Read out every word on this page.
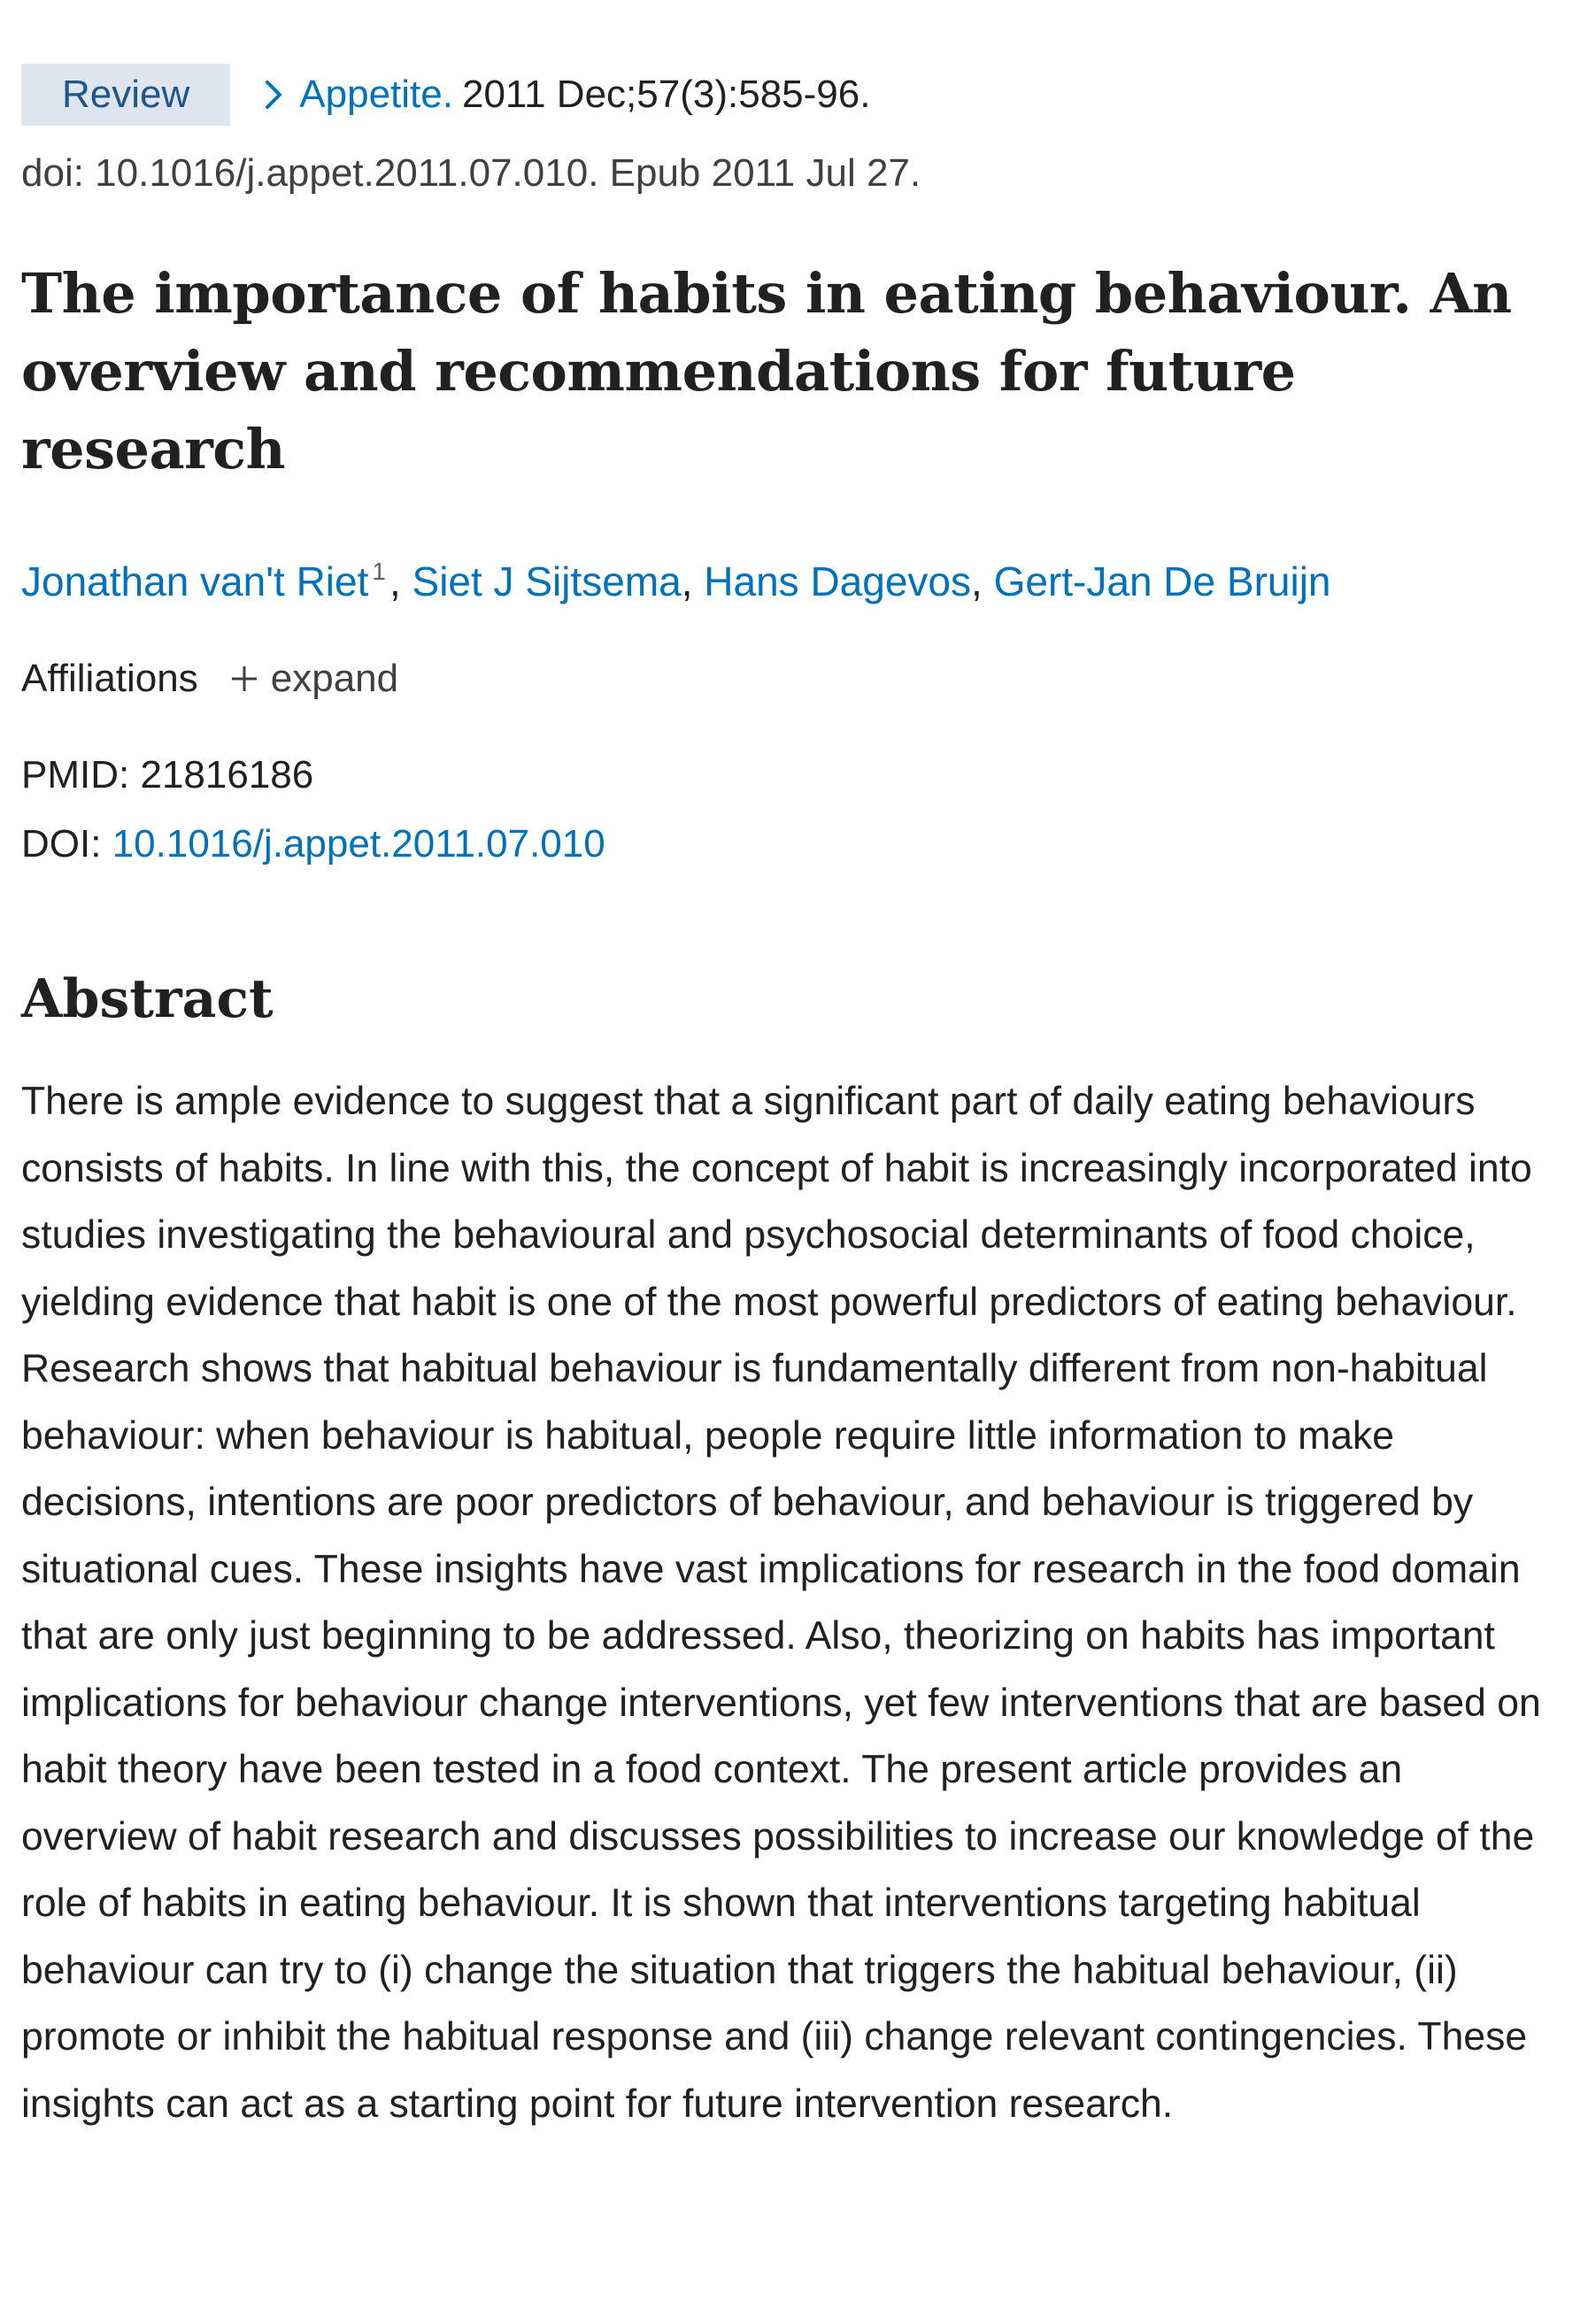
Review	Appetite. 2011 Dec;57(3):585-96.
doi: 10.1016/j.appet.2011.07.010. Epub 2011 Jul 27.
The importance of habits in eating behaviour. An overview and recommendations for future research
Jonathan van't Riet $^1$, Siet J Sijtsema, Hans Dagevos, Gert-Jan De Bruijn
Affiliations expand
PMID: 21816186
DOI: 10.1016/j.appet.2011.07.010
Abstract
There is ample evidence to suggest that a significant part of daily eating behaviours consists of habits. In line with this, the concept of habit is increasingly incorporated into studies investigating the behavioural and psychosocial determinants of food choice, yielding evidence that habit is one of the most powerful predictors of eating behaviour. Research shows that habitual behaviour is fundamentally different from non-habitual behaviour: when behaviour is habitual, people require little information to make decisions, intentions are poor predictors of behaviour, and behaviour is triggered by situational cues. These insights have vast implications for research in the food domain that are only just beginning to be addressed. Also, theorizing on habits has important implications for behaviour change interventions, yet few interventions that are based on habit theory have been tested in a food context. The present article provides an overview of habit research and discusses possibilities to increase our knowledge of the role of habits in eating behaviour. It is shown that interventions targeting habitual behaviour can try to (i) change the situation that triggers the habitual behaviour, (ii) promote or inhibit the habitual response and (iii) change relevant contingencies. These insights can act as a starting point for future intervention research.
